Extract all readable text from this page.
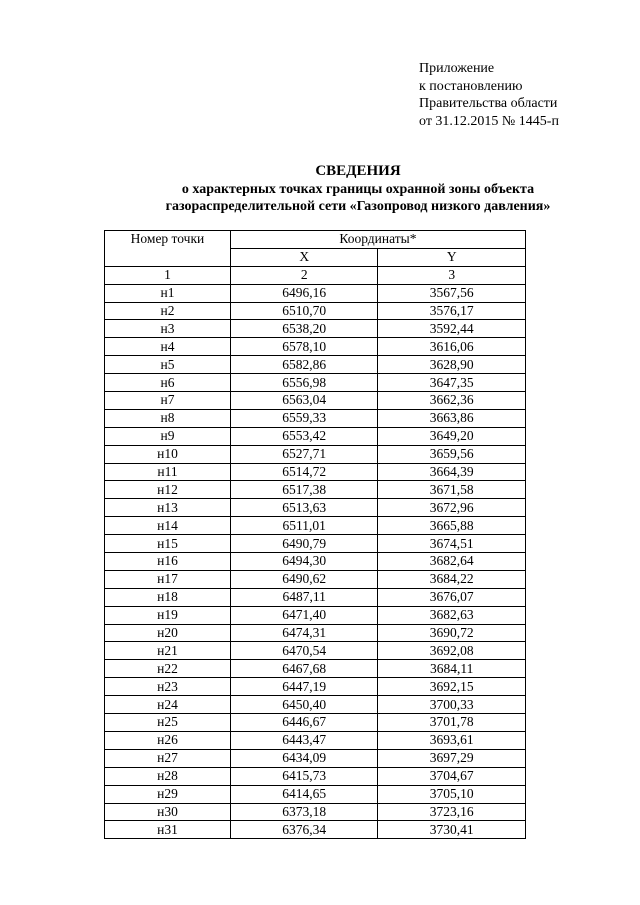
Приложение
к постановлению
Правительства области
от 31.12.2015 № 1445-п
СВЕДЕНИЯ
о характерных точках границы охранной зоны объекта
газораспределительной сети «Газопровод низкого давления»
Номер точки	Координаты*	
	X	Y
1	2	3
н1	6496,16	3567,56
н2	6510,70	3576,17
н3	6538,20	3592,44
н4	6578,10	3616,06
н5	6582,86	3628,90
н6	6556,98	3647,35
н7	6563,04	3662,36
н8	6559,33	3663,86
н9	6553,42	3649,20
н10	6527,71	3659,56
н11	6514,72	3664,39
н12	6517,38	3671,58
н13	6513,63	3672,96
н14	6511,01	3665,88
н15	6490,79	3674,51
н16	6494,30	3682,64
н17	6490,62	3684,22
н18	6487,11	3676,07
н19	6471,40	3682,63
н20	6474,31	3690,72
н21	6470,54	3692,08
н22	6467,68	3684,11
н23	6447,19	3692,15
н24	6450,40	3700,33
н25	6446,67	3701,78
н26	6443,47	3693,61
н27	6434,09	3697,29
н28	6415,73	3704,67
н29	6414,65	3705,10
н30	6373,18	3723,16
н31	6376,34	3730,41
